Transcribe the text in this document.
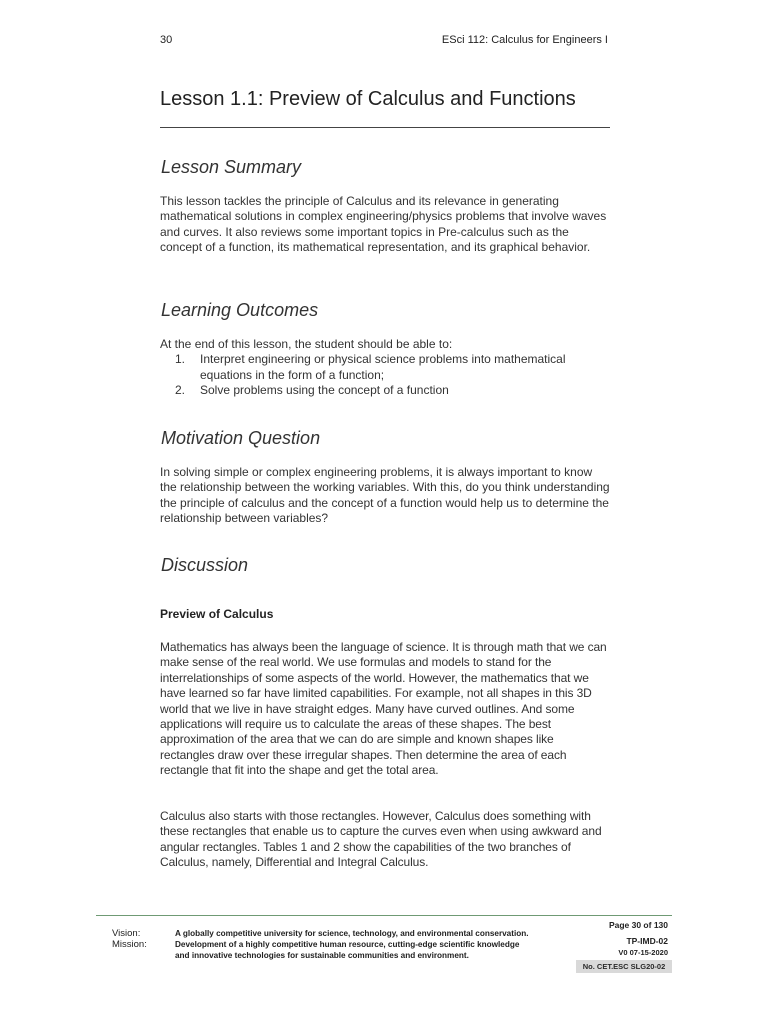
30	ESci 112: Calculus for Engineers I
Lesson 1.1: Preview of Calculus and Functions
Lesson Summary

This lesson tackles the principle of Calculus and its relevance in generating mathematical solutions in complex engineering/physics problems that involve waves and curves. It also reviews some important topics in Pre-calculus such as the concept of a function, its mathematical representation, and its graphical behavior.

Learning Outcomes
At the end of this lesson, the student should be able to:
1. Interpret engineering or physical science problems into mathematical equations in the form of a function;
2. Solve problems using the concept of a function
Motivation Question

In solving simple or complex engineering problems, it is always important to know the relationship between the working variables. With this, do you think understanding the principle of calculus and the concept of a function would help us to determine the relationship between variables?

Discussion
Preview of Calculus

Mathematics has always been the language of science. It is through math that we can make sense of the real world. We use formulas and models to stand for the interrelationships of some aspects of the world. However, the mathematics that we have learned so far have limited capabilities. For example, not all shapes in this 3D world that we live in have straight edges. Many have curved outlines. And some applications will require us to calculate the areas of these shapes. The best approximation of the area that we can do are simple and known shapes like rectangles draw over these irregular shapes. Then determine the area of each rectangle that fit into the shape and get the total area.

Calculus also starts with those rectangles. However, Calculus does something with these rectangles that enable us to capture the curves even when using awkward and angular rectangles. Tables 1 and 2 show the capabilities of the two branches of Calculus, namely, Differential and Integral Calculus.

Vision:
Mission:
A globally competitive university for science, technology, and environmental conservation.
Development of a highly competitive human resource, cutting-edge scientific knowledge
and innovative technologies for sustainable communities and environment.
Page 30 of 130
TP-IMD-02
V0 07-15-2020
No. CET.ESC SLG20-02
